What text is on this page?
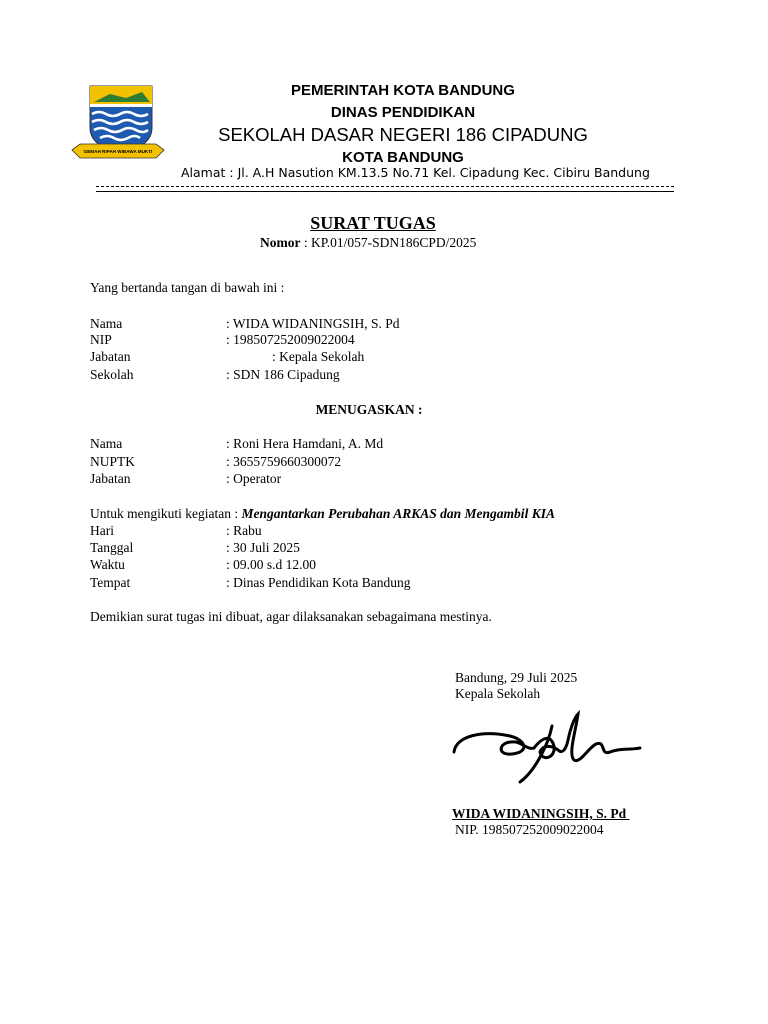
GEMAH RIPAH WIBAWA MUKTI
PEMERINTAH KOTA BANDUNG
DINAS PENDIDIKAN
SEKOLAH DASAR NEGERI 186 CIPADUNG
KOTA BANDUNG
Alamat : Jl. A.H Nasution KM.13.5 No.71 Kel. Cipadung Kec. Cibiru Bandung
SURAT TUGAS
Nomor : KP.01/057-SDN186CPD/2025
Yang bertanda tangan di bawah ini :
Nama	: WIDA WIDANINGSIH, S. Pd
NIP	: 198507252009022004
Jabatan	: Kepala Sekolah
Sekolah	: SDN 186 Cipadung
MENUGASKAN :
Nama	: Roni Hera Hamdani, A. Md
NUPTK	: 3655759660300072
Jabatan	: Operator
Untuk mengikuti kegiatan : Mengantarkan Perubahan ARKAS dan Mengambil KIA
Hari	: Rabu
Tanggal	: 30 Juli 2025
Waktu	: 09.00 s.d 12.00
Tempat	: Dinas Pendidikan Kota Bandung
Demikian surat tugas ini dibuat, agar dilaksanakan sebagaimana mestinya.
Bandung, 29 Juli 2025
Kepala Sekolah
WIDA WIDANINGSIH, S. Pd
NIP. 198507252009022004
